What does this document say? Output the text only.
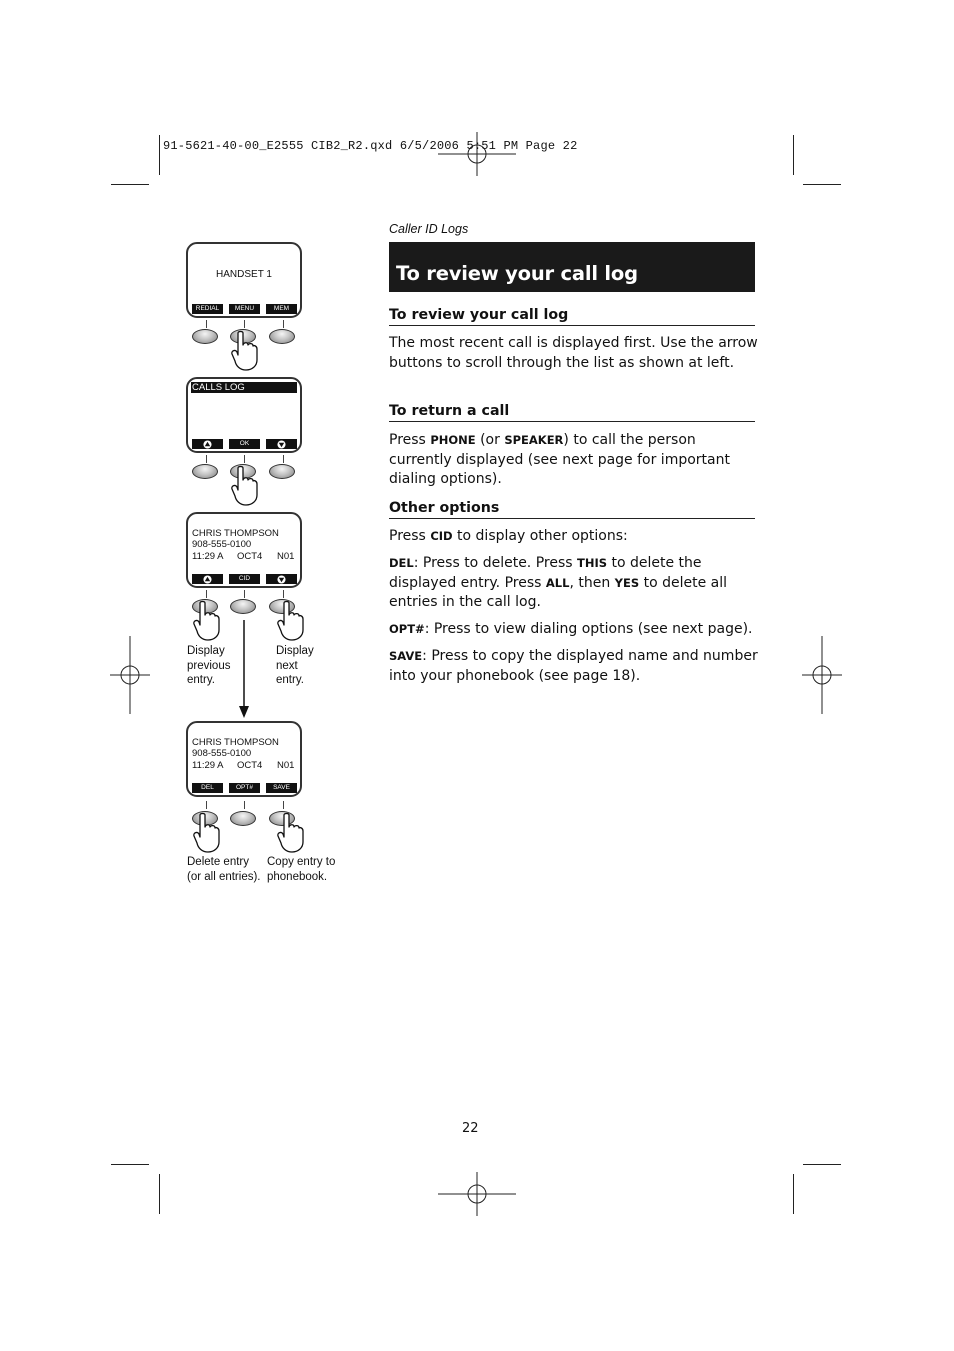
91-5621-40-00_E2555 CIB2_R2.qxd 6/5/2006 5:51 PM Page 22
HANDSET 1
REDIAL	MENU	MEM
CALLS LOG
OK
CHRIS THOMPSON
908-555-0100
11:29 A OCT4 N01
CID
Display
previous
entry.
Display
next
entry.
CHRIS THOMPSON
908-555-0100
11:29 A OCT4 N01
DEL	OPT#	SAVE
Delete entry
(or all entries).
Copy entry to
phonebook.
Caller ID Logs
To review your call log
To review your call log
The most recent call is displayed first. Use the arrow buttons to scroll through the list as shown at left.
To return a call
Press PHONE (or SPEAKER) to call the person currently displayed (see next page for important dialing options).
Other options
Press CID to display other options:
DEL: Press to delete. Press THIS to delete the displayed entry. Press ALL, then YES to delete all entries in the call log.
OPT#: Press to view dialing options (see next page).
SAVE: Press to copy the displayed name and number into your phonebook (see page 18).
22
